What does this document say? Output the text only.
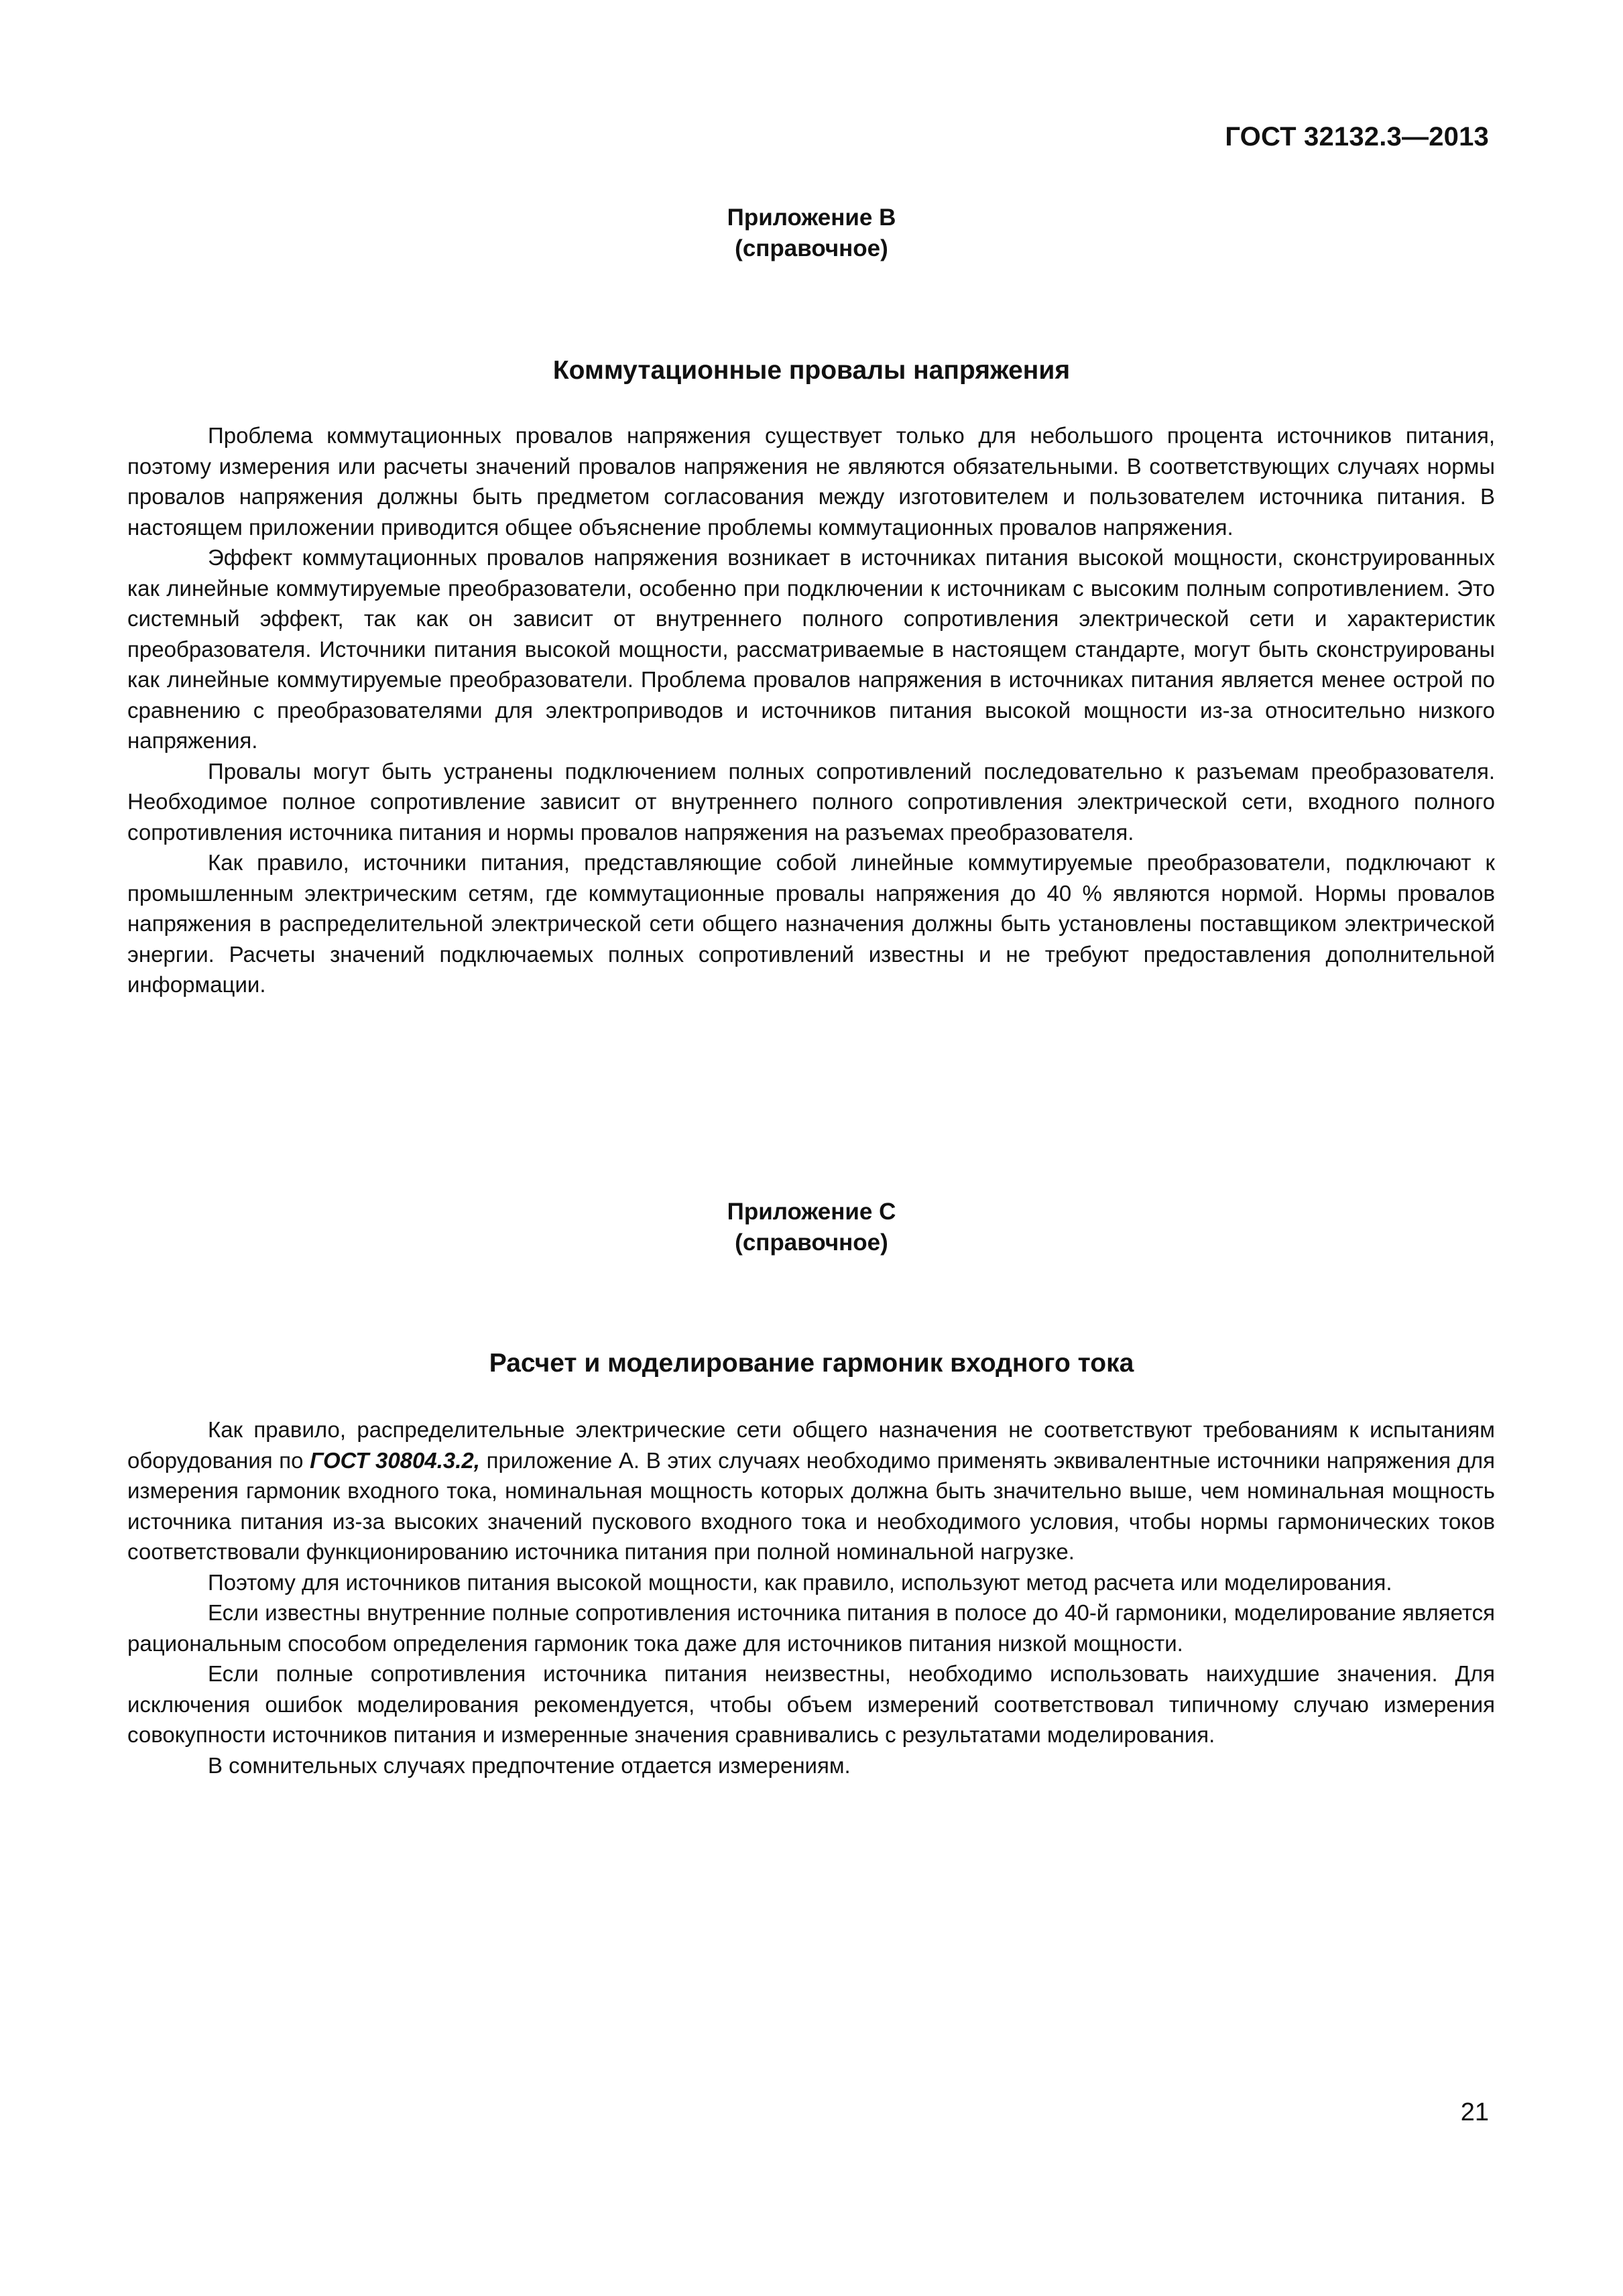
ГОСТ 32132.3—2013
Приложение В
(справочное)
Коммутационные провалы напряжения

Проблема коммутационных провалов напряжения существует только для небольшого процента источников питания, поэтому измерения или расчеты значений провалов напряжения не являются обязательными. В соответствующих случаях нормы провалов напряжения должны быть предметом согласования между изготовителем и пользователем источника питания. В настоящем приложении приводится общее объяснение проблемы коммутационных провалов напряжения.

Эффект коммутационных провалов напряжения возникает в источниках питания высокой мощности, сконструированных как линейные коммутируемые преобразователи, особенно при подключении к источникам с высоким полным сопротивлением. Это системный эффект, так как он зависит от внутреннего полного сопротивления электрической сети и характеристик преобразователя. Источники питания высокой мощности, рассматриваемые в настоящем стандарте, могут быть сконструированы как линейные коммутируемые преобразователи. Проблема провалов напряжения в источниках питания является менее острой по сравнению с преобразователями для электроприводов и источников питания высокой мощности из-за относительно низкого напряжения.

Провалы могут быть устранены подключением полных сопротивлений последовательно к разъемам преобразователя. Необходимое полное сопротивление зависит от внутреннего полного сопротивления электрической сети, входного полного сопротивления источника питания и нормы провалов напряжения на разъемах преобразователя.

Как правило, источники питания, представляющие собой линейные коммутируемые преобразователи, подключают к промышленным электрическим сетям, где коммутационные провалы напряжения до 40 % являются нормой. Нормы провалов напряжения в распределительной электрической сети общего назначения должны быть установлены поставщиком электрической энергии. Расчеты значений подключаемых полных сопротивлений известны и не требуют предоставления дополнительной информации.

Приложение С
(справочное)
Расчет и моделирование гармоник входного тока

Как правило, распределительные электрические сети общего назначения не соответствуют требованиям к испытаниям оборудования по ГОСТ 30804.3.2, приложение А. В этих случаях необходимо применять эквивалентные источники напряжения для измерения гармоник входного тока, номинальная мощность которых должна быть значительно выше, чем номинальная мощность источника питания из-за высоких значений пускового входного тока и необходимого условия, чтобы нормы гармонических токов соответствовали функционированию источника питания при полной номинальной нагрузке.

Поэтому для источников питания высокой мощности, как правило, используют метод расчета или моделирования.

Если известны внутренние полные сопротивления источника питания в полосе до 40-й гармоники, моделирование является рациональным способом определения гармоник тока даже для источников питания низкой мощности.

Если полные сопротивления источника питания неизвестны, необходимо использовать наихудшие значения. Для исключения ошибок моделирования рекомендуется, чтобы объем измерений соответствовал типичному случаю измерения совокупности источников питания и измеренные значения сравнивались с результатами моделирования.

В сомнительных случаях предпочтение отдается измерениям.

21
